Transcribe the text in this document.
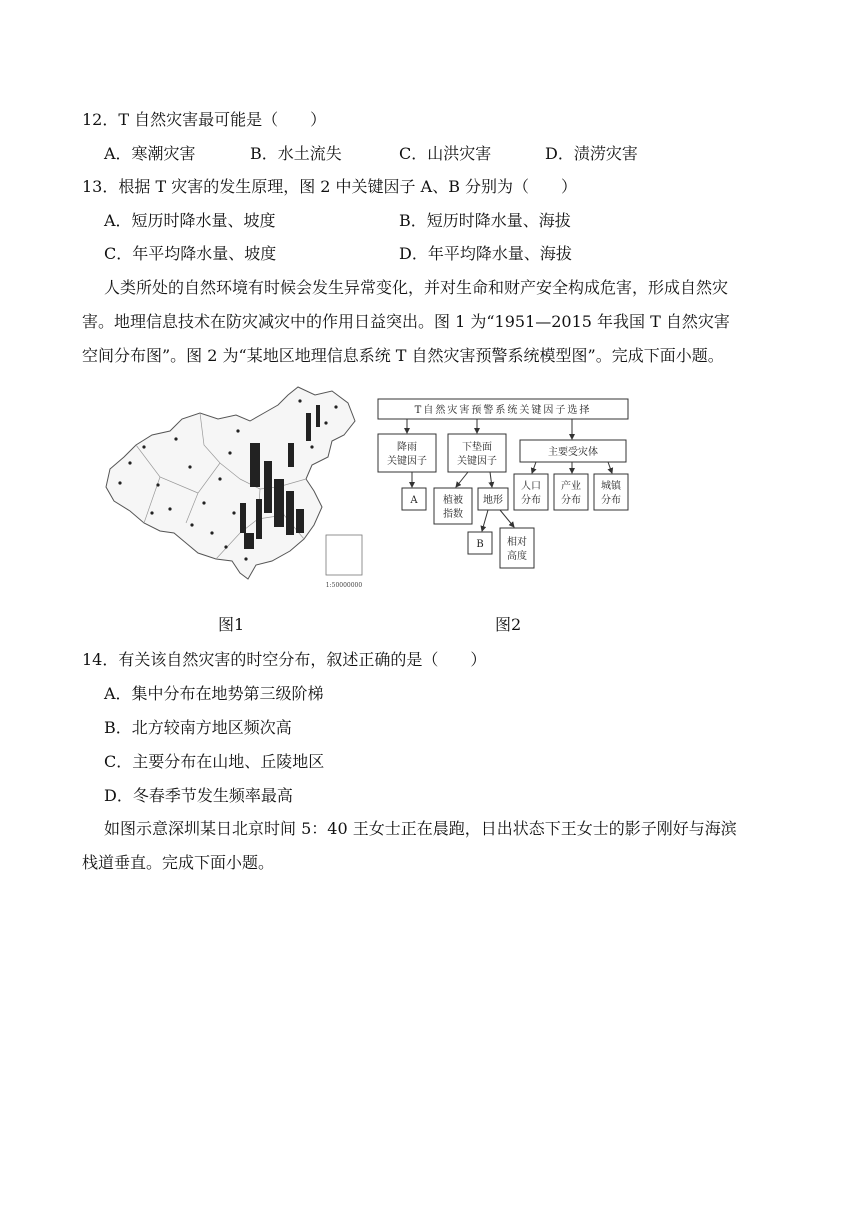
12．T 自然灾害最可能是（　　）
A．寒潮灾害	B．水土流失	C．山洪灾害	D．渍涝灾害
13．根据 T 灾害的发生原理，图 2 中关键因子 A、B 分别为（　　）
A．短历时降水量、坡度	B．短历时降水量、海拔
C．年平均降水量、坡度	D．年平均降水量、海拔
人类所处的自然环境有时候会发生异常变化，并对生命和财产安全构成危害，形成自然灾
害。地理信息技术在防灾减灾中的作用日益突出。图 1 为“1951—2015 年我国 T 自然灾害
空间分布图”。图 2 为“某地区地理信息系统 T 自然灾害预警系统模型图”。完成下面小题。
1:50000000
图1
T自然灾害预警系统关键因子选择
降雨
关键因子
下垫面
关键因子
主要受灾体
A	植被
指数
地形
人口
分布
产业
分布
城镇
分布
B 相对
高度
图2
14．有关该自然灾害的时空分布，叙述正确的是（　　）
A．集中分布在地势第三级阶梯
B．北方较南方地区频次高
C．主要分布在山地、丘陵地区
D．冬春季节发生频率最高
如图示意深圳某日北京时间 5：40 王女士正在晨跑，日出状态下王女士的影子刚好与海滨
栈道垂直。完成下面小题。
